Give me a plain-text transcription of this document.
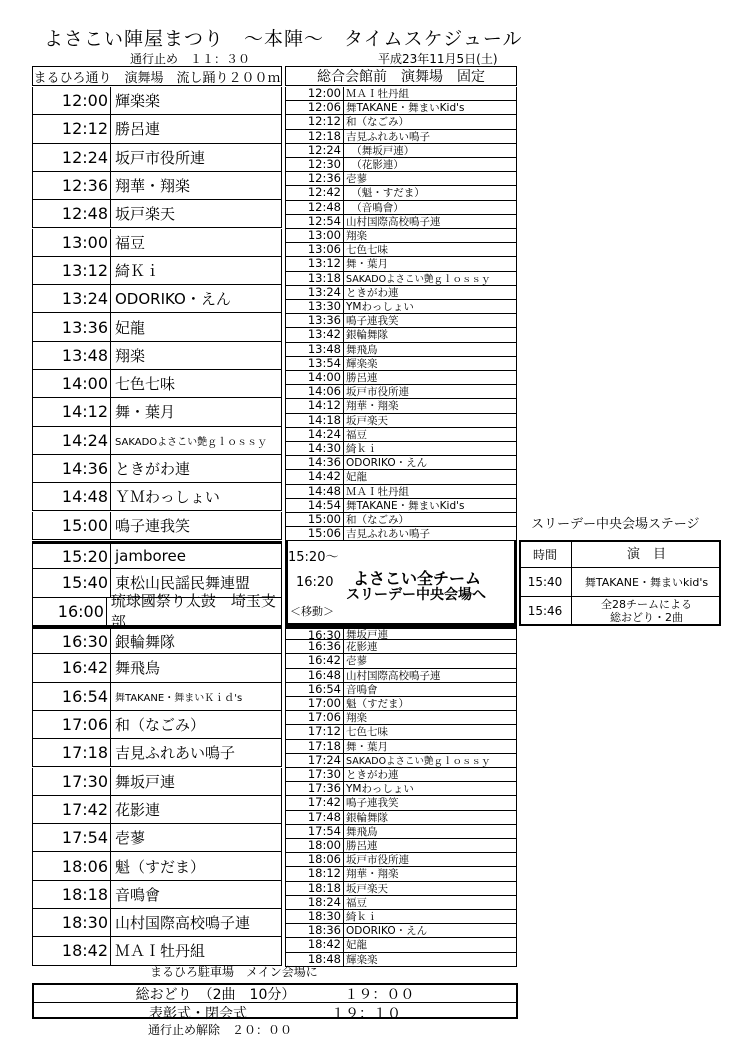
よさこい陣屋まつり　～本陣～　タイムスケジュール
通行止め　１１：３０	平成23年11月5日(土)
まるひろ通り　演舞場　流し踊り２００ｍ	総合会館前　演舞場　固定
12:00 輝楽楽
12:12 勝呂連
12:24 坂戸市役所連
12:36 翔華・翔楽
12:48 坂戸楽天
13:00 福豆
13:12 綺Ｋｉ
13:24 ODORIKO・えん
13:36 妃龍
13:48 翔楽
14:00 七色七味
14:12 舞・葉月
14:24 SAKADOよさこい艶ｇｌｏｓｓｙ
14:36 ときがわ連
14:48 ＹＭわっしょい
15:00 鳴子連我笑
15:20 jamboree
15:40 東松山民謡民舞連盟
16:00
琉球國祭り太鼓　埼玉支部
16:30 銀輪舞隊
16:42 舞飛鳥
16:54 舞TAKANE・舞まいＫｉｄ's
17:06 和（なごみ）
17:18 吉見ふれあい鳴子
17:30 舞坂戸連
17:42 花影連
17:54 壱蓼
18:06 魁（すだま）
18:18 音鳴會
18:30 山村国際高校鳴子連
18:42 ＭＡＩ牡丹組
12:00 ＭＡＩ牡丹組
12:06 舞TAKANE・舞まいKid's
12:12 和（なごみ）
12:18 吉見ふれあい鳴子
12:24 　（舞坂戸連）
12:30 　（花影連）
12:36 壱蓼
12:42 　（魁・すだま）
12:48 　（音鳴會）
12:54 山村国際高校鳴子連
13:00 翔楽
13:06 七色七味
13:12 舞・葉月
13:18 SAKADOよさこい艶ｇｌｏｓｓｙ
13:24 ときがわ連
13:30 YMわっしょい
13:36 鳴子連我笑
13:42 銀輪舞隊
13:48 舞飛鳥
13:54 輝楽楽
14:00 勝呂連
14:06 坂戸市役所連
14:12 翔華・翔楽
14:18 坂戸楽天
14:24 福豆
14:30 綺ｋｉ
14:36 ODORIKO・えん
14:42 妃龍
14:48 ＭＡＩ牡丹組
14:54 舞TAKANE・舞まいKid's
15:00 和（なごみ）
15:06 吉見ふれあい鳴子
16:30 舞坂戸連
16:36 花影連
16:42 壱蓼
16:48 山村国際高校鳴子連
16:54 音鳴會
17:00 魁（すだま）
17:06 翔楽
17:12 七色七味
17:18 舞・葉月
17:24 SAKADOよさこい艶ｇｌｏｓｓｙ
17:30 ときがわ連
17:36 YMわっしょい
17:42 鳴子連我笑
17:48 銀輪舞隊
17:54 舞飛鳥
18:00 勝呂連
18:06 坂戸市役所連
18:12 翔華・翔楽
18:18 坂戸楽天
18:24 福豆
18:30 綺ｋｉ
18:36 ODORIKO・えん
18:42 妃龍
18:48 輝楽楽
15:20～
16:20
＜移動＞
よさこい全チーム
スリーデー中央会場へ
スリーデー中央会場ステージ
時間	演　目
15:40	舞TAKANE・舞まいkid's
15:46	全28チームによる
総おどり・2曲
まるひろ駐車場　メイン会場に
総おどり　（2曲　10分）　　　　１９：００
表彰式・閉会式　　　　　　１９：１０
通行止め解除　２０：００
